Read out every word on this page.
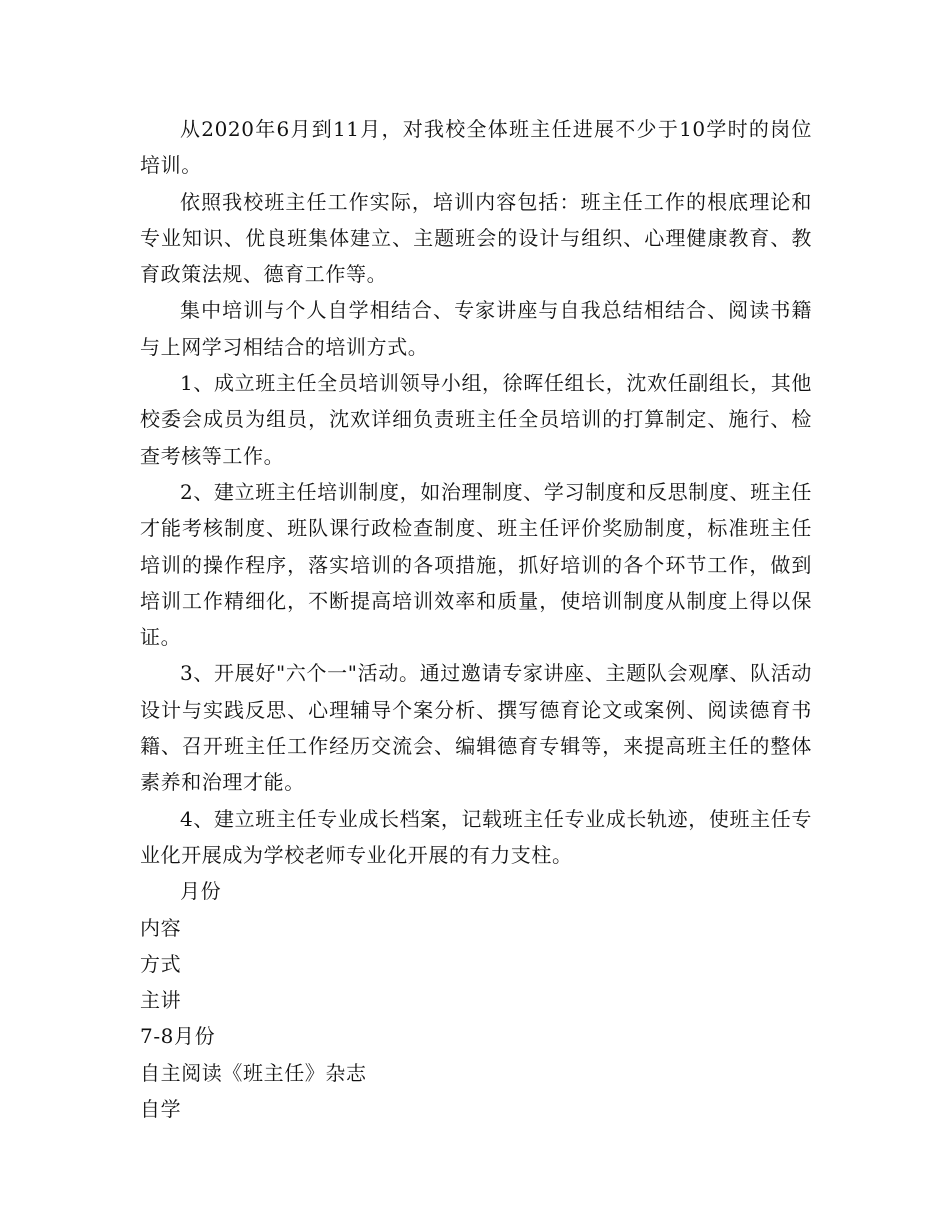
从2020年6月到11月，对我校全体班主任进展不少于10学时的岗位培训。

依照我校班主任工作实际，培训内容包括：班主任工作的根底理论和专业知识、优良班集体建立、主题班会的设计与组织、心理健康教育、教育政策法规、德育工作等。

集中培训与个人自学相结合、专家讲座与自我总结相结合、阅读书籍与上网学习相结合的培训方式。

1、成立班主任全员培训领导小组，徐晖任组长，沈欢任副组长，其他校委会成员为组员，沈欢详细负责班主任全员培训的打算制定、施行、检查考核等工作。

2、建立班主任培训制度，如治理制度、学习制度和反思制度、班主任才能考核制度、班队课行政检查制度、班主任评价奖励制度，标准班主任培训的操作程序，落实培训的各项措施，抓好培训的各个环节工作，做到培训工作精细化，不断提高培训效率和质量，使培训制度从制度上得以保证。

3、开展好"六个一"活动。通过邀请专家讲座、主题队会观摩、队活动设计与实践反思、心理辅导个案分析、撰写德育论文或案例、阅读德育书籍、召开班主任工作经历交流会、编辑德育专辑等，来提高班主任的整体素养和治理才能。

4、建立班主任专业成长档案，记载班主任专业成长轨迹，使班主任专业化开展成为学校老师专业化开展的有力支柱。

月份

内容

方式

主讲

7-8月份

自主阅读《班主任》杂志

自学
